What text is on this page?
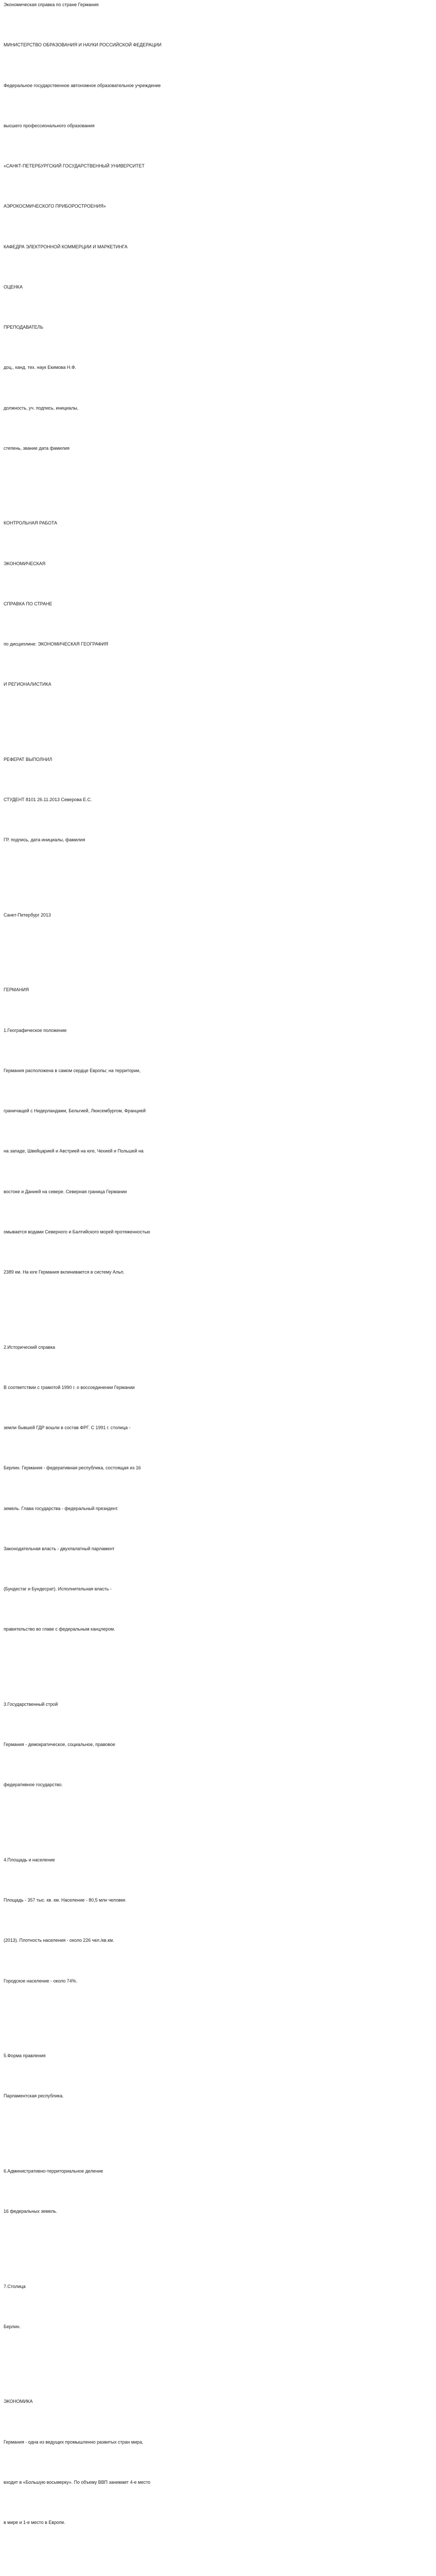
Экономическая справка по стране Германия
МИНИСТЕРСТВО ОБРАЗОВАНИЯ И НАУКИ РОССИЙСКОЙ ФЕДЕРАЦИИ
Федеральное государственное автономное образовательное учреждение
высшего профессионального образования
«САНКТ-ПЕТЕРБУРГСКИЙ ГОСУДАРСТВЕННЫЙ УНИВЕРСИТЕТ
АЭРОКОСМИЧЕСКОГО ПРИБОРОСТРОЕНИЯ»
КАФЕДРА ЭЛЕКТРОННОЙ КОММЕРЦИИ И МАРКЕТИНГА
ОЦЕНКА
ПРЕПОДАВАТЕЛЬ
доц., канд. тех. наук Екимова Н.Ф.
должность, уч. подпись, инициалы,
степень, звание дата фамилия
КОНТРОЛЬНАЯ РАБОТА
ЭКОНОМИЧЕСКАЯ
СПРАВКА ПО СТРАНЕ
по дисциплине: ЭКОНОМИЧЕСКАЯ ГЕОГРАФИЯ
И РЕГИОНАЛИСТИКА
РЕФЕРАТ ВЫПОЛНИЛ
СТУДЕНТ 8101 26.11.2013 Северова Е.С.
ГР. подпись, дата инициалы, фамилия
Санкт-Петербург 2013
ГЕРМАНИЯ
1.Географическое положение
Германия расположена в самом сердце Европы; на территории,
граничащей с Нидерландами, Бельгией, Люксембургом, Францией
на западе, Швейцарией и Австрией на юге, Чехией и Польшей на
востоке и Данией на севере. Северная граница Германии
омывается водами Северного и Балтийского морей протяженностью
2389 км. На юге Германия вклинивается в систему Альп.
2.Исторический справка
В соответствии с грамотой 1990 г. о воссоединении Германии
земли бывшей ГДР вошли в состав ФРГ. С 1991 г. столица -
Берлин. Германия - федеративная республика, состоящая из 16
земель. Глава государства - федеральный президент.
Законодательная власть - двухпалатный парламент
(Бундестаг и Бундесрат). Исполнительная власть -
правительство во главе с федеральным канцлером.
3.Государственный строй
Германия - демократическое, социальное, правовое
федеративное государство.
4.Площадь и население
Площадь - 357 тыс. кв. км. Население - 80,5 млн человек
(2013). Плотность населения - около 226 чел./кв.км.
Городское население - около 74%.
5.Форма правления
Парламентская республика.
6.Административно-территориальное деление
16 федеральных земель.
7.Столица
Берлин.
ЭКОНОМИКА
Германия - одна из ведущих промышленно развитых стран мира,
входит в «Большую восьмерку». По объему ВВП занимает 4-е место
в мире и 1-е место в Европе.
